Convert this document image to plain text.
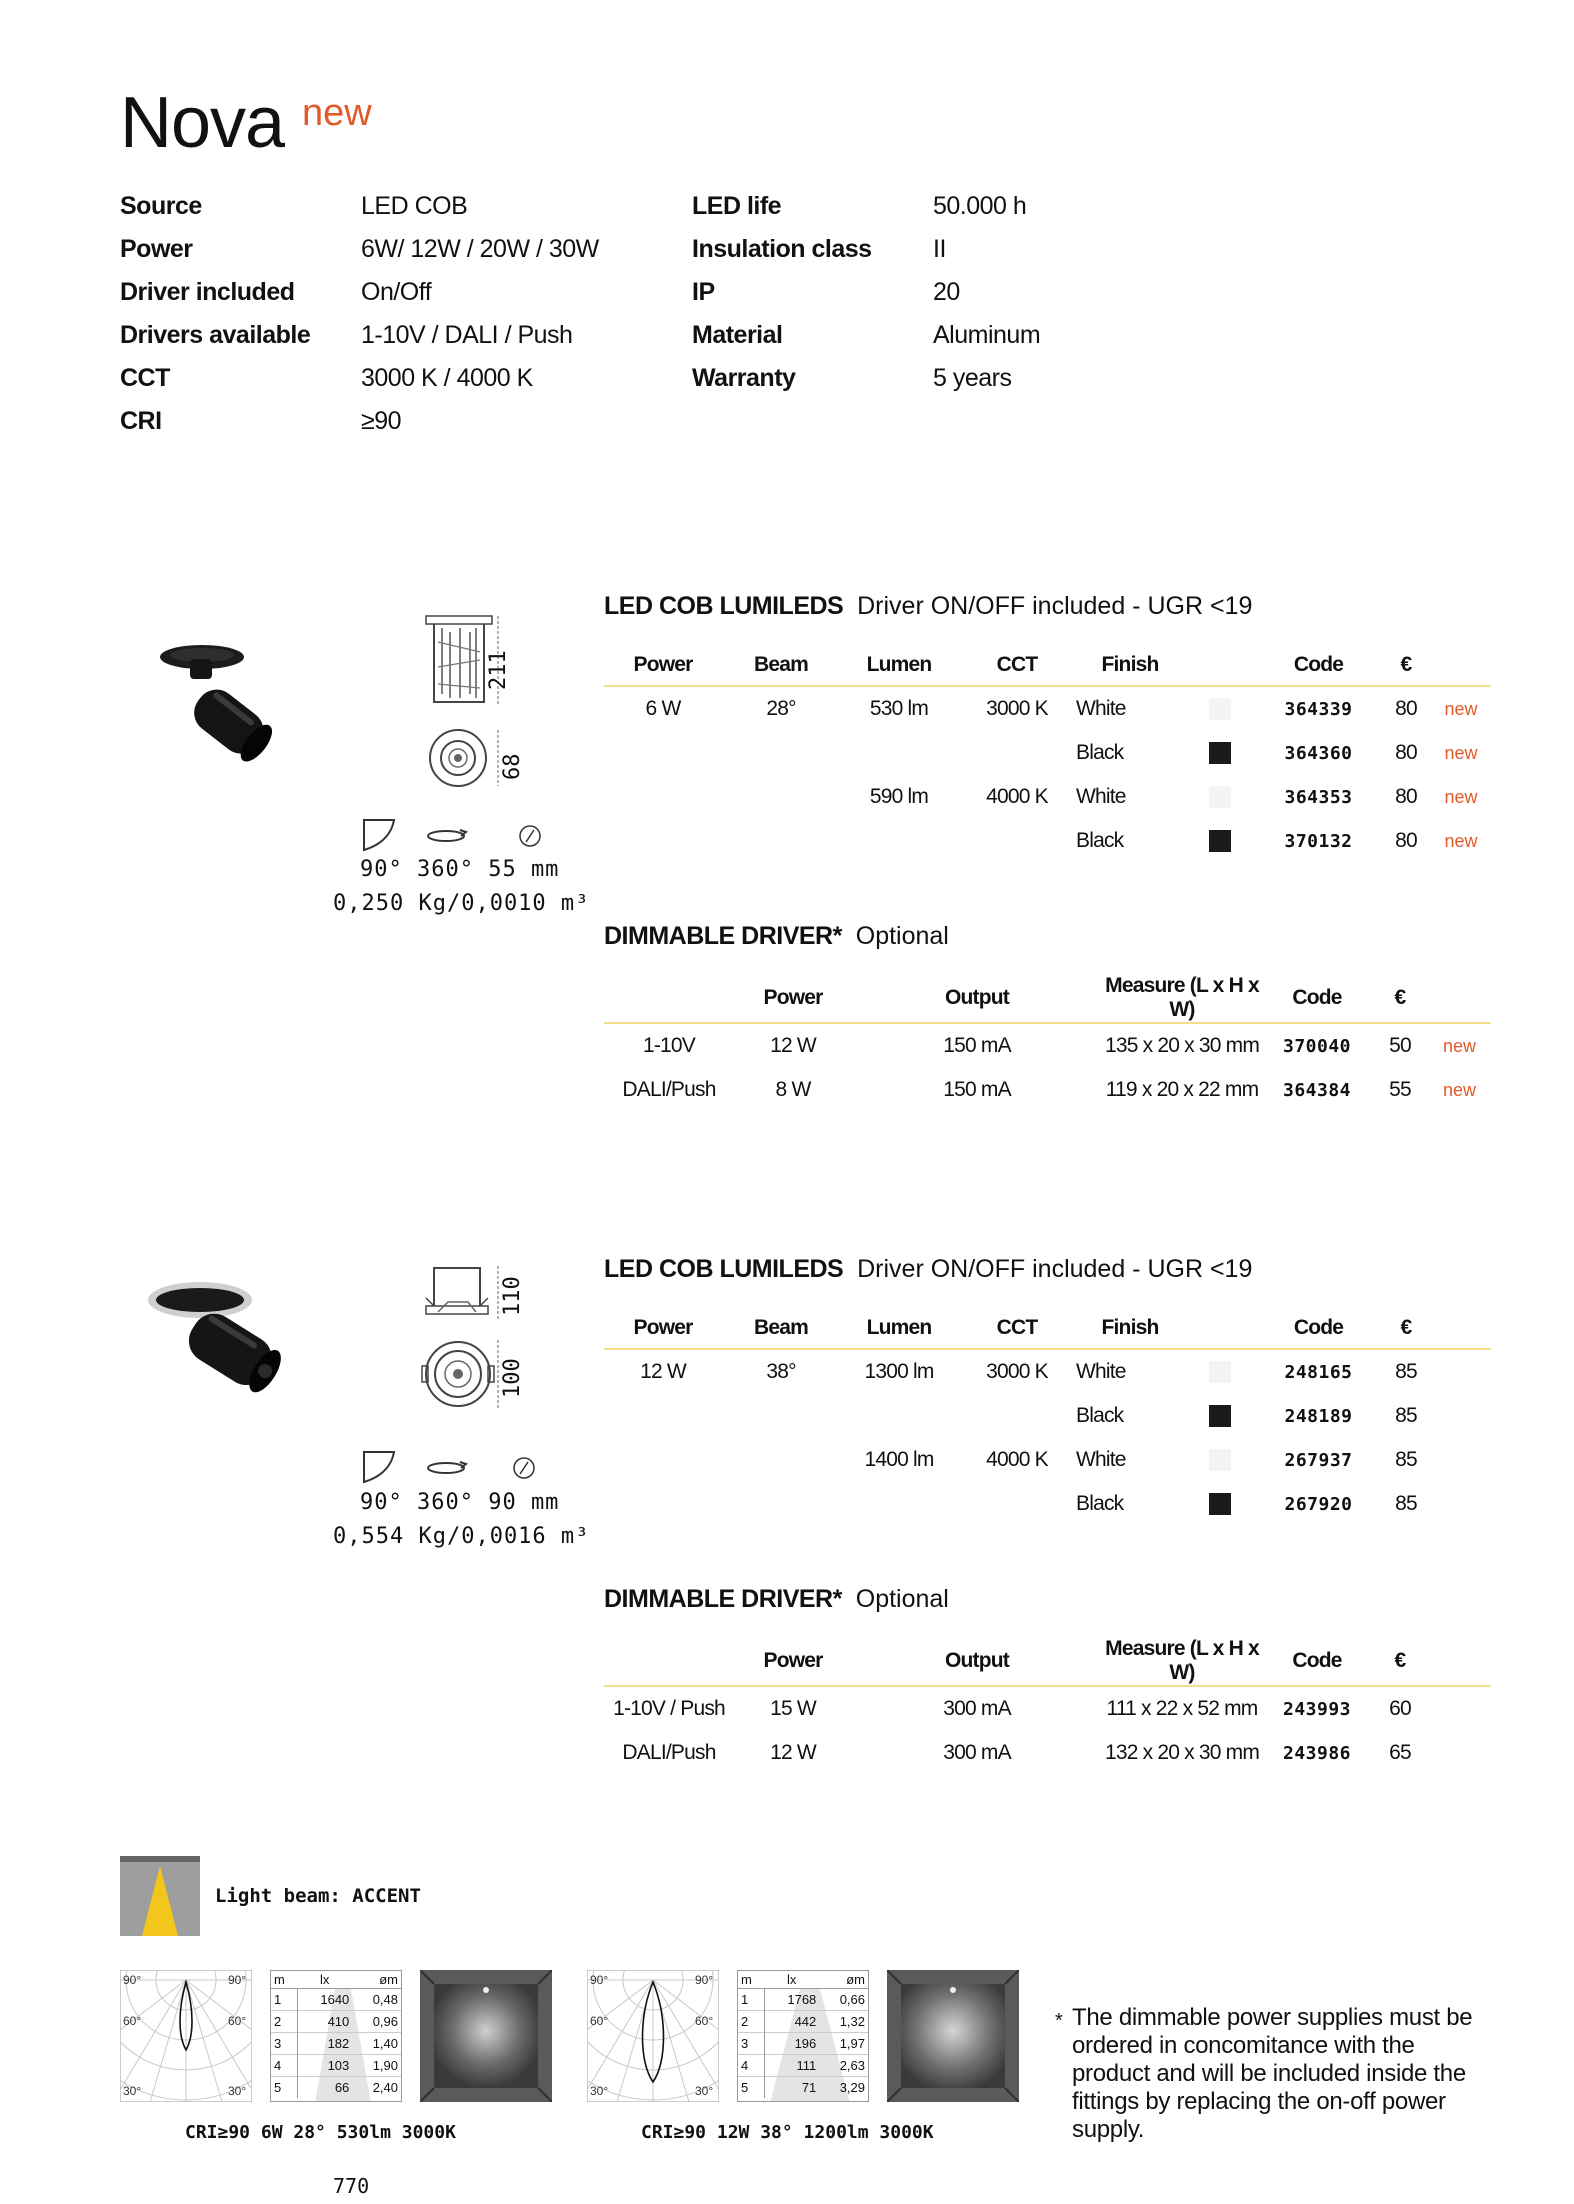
Nova new
Source	LED COB
Power	6W/ 12W / 20W / 30W
Driver included	On/Off
Drivers available 1-10V / DALI / Push
CCT	3000 K / 4000 K
CRI	≥90
LED life	50.000 h
Insulation class II
IP	20
Material	Aluminum
Warranty	5 years
211
68
90° 360° 55 mm
0,250 Kg/0,0010 m³
LED COB LUMILEDS Driver ON/OFF included - UGR <19
Power	Beam	Lumen	CCT	Finish		Code	€	
6 W	28°	530 lm	3000 K	White		364339	80	new
				Black		364360	80	new
		590 lm	4000 K	White		364353	80	new
				Black		370132	80	new
DIMMABLE DRIVER* Optional
	Power	Output	Measure (L x H x W)	Code	€	
1-10V	12 W	150 mA	135 x 20 x 30 mm	370040	50	new
DALI/Push	8 W	150 mA	119 x 20 x 22 mm	364384	55	new
110
100
90° 360° 90 mm
0,554 Kg/0,0016 m³
LED COB LUMILEDS Driver ON/OFF included - UGR <19
Power	Beam	Lumen	CCT	Finish		Code	€	
12 W	38°	1300 lm	3000 K	White		248165	85	
				Black		248189	85	
		1400 lm	4000 K	White		267937	85	
				Black		267920	85	
DIMMABLE DRIVER* Optional
	Power	Output	Measure (L x H x W)	Code	€	
1-10V / Push	15 W	300 mA	111 x 22 x 52 mm	243993	60	
DALI/Push	12 W	300 mA	132 x 20 x 30 mm	243986	65	
Light beam: ACCENT
90°	90°
60°	60°
30°	30°
m	lx	øm
1	1640	0,48
2	410	0,96
3	182	1,40
4	103	1,90
5	66	2,40
CRI≥90 6W 28° 530lm 3000K
90°	90°
60°	60°
30°	30°
m	lx	øm
1	1768	0,66
2	442	1,32
3	196	1,97
4	111	2,63
5	71	3,29
CRI≥90 12W 38° 1200lm 3000K
* The dimmable power supplies must be ordered in concomitance with the product and will be included inside the fittings by replacing the on-off power supply.
770
